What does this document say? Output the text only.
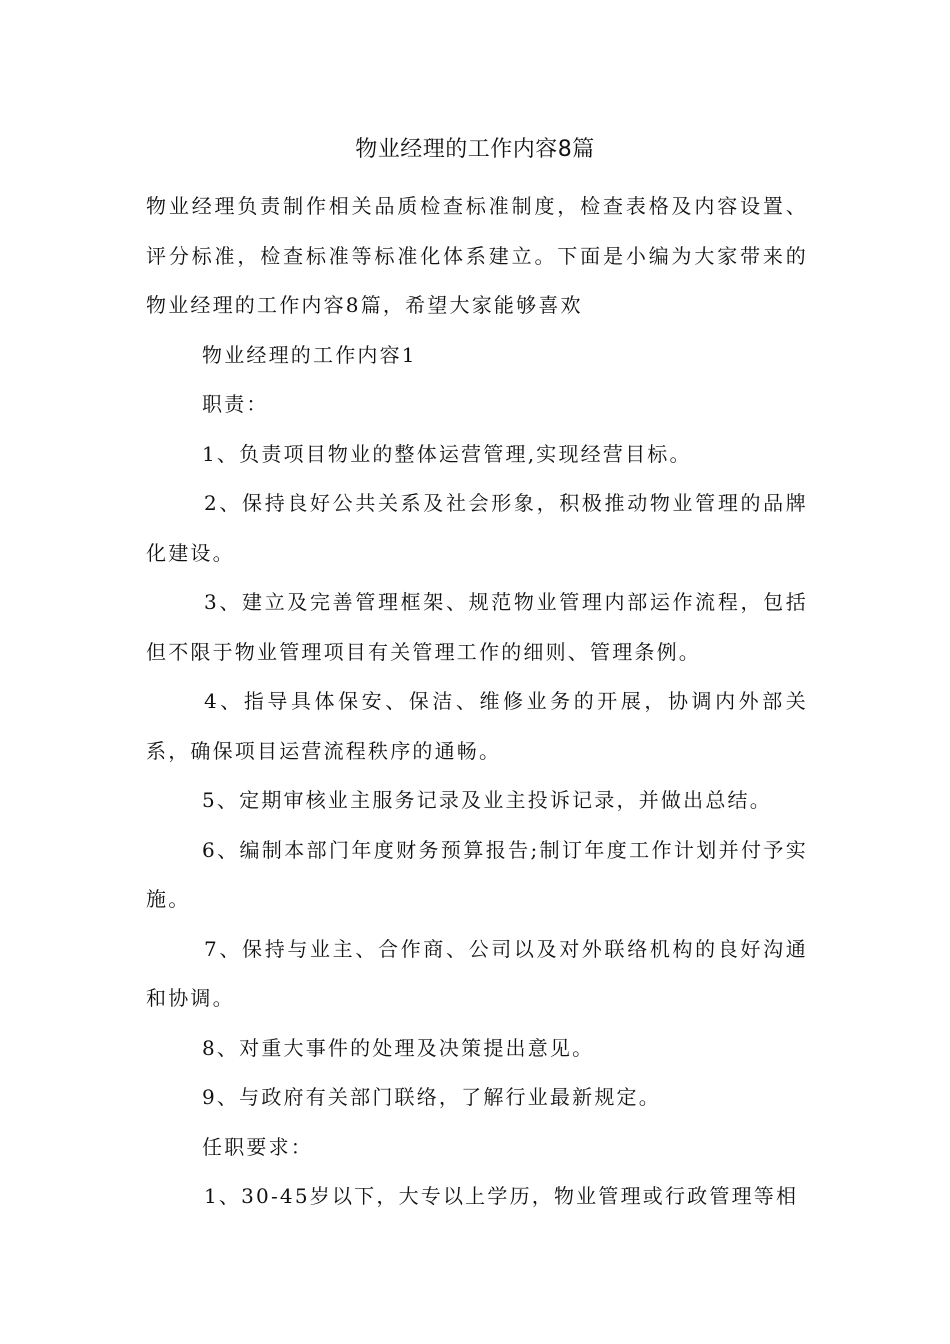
物业经理的工作内容8篇

物业经理负责制作相关品质检查标准制度，检查表格及内容设置、评分标准，检查标准等标准化体系建立。下面是小编为大家带来的物业经理的工作内容8篇，希望大家能够喜欢

物业经理的工作内容1

职责：

1、负责项目物业的整体运营管理,实现经营目标。

2、保持良好公共关系及社会形象，积极推动物业管理的品牌化建设。

3、建立及完善管理框架、规范物业管理内部运作流程，包括但不限于物业管理项目有关管理工作的细则、管理条例。

4、指导具体保安、保洁、维修业务的开展，协调内外部关系，确保项目运营流程秩序的通畅。

5、定期审核业主服务记录及业主投诉记录，并做出总结。

6、编制本部门年度财务预算报告;制订年度工作计划并付予实施。

7、保持与业主、合作商、公司以及对外联络机构的良好沟通和协调。

8、对重大事件的处理及决策提出意见。

9、与政府有关部门联络，了解行业最新规定。

任职要求：

1、30-45岁以下，大专以上学历，物业管理或行政管理等相
